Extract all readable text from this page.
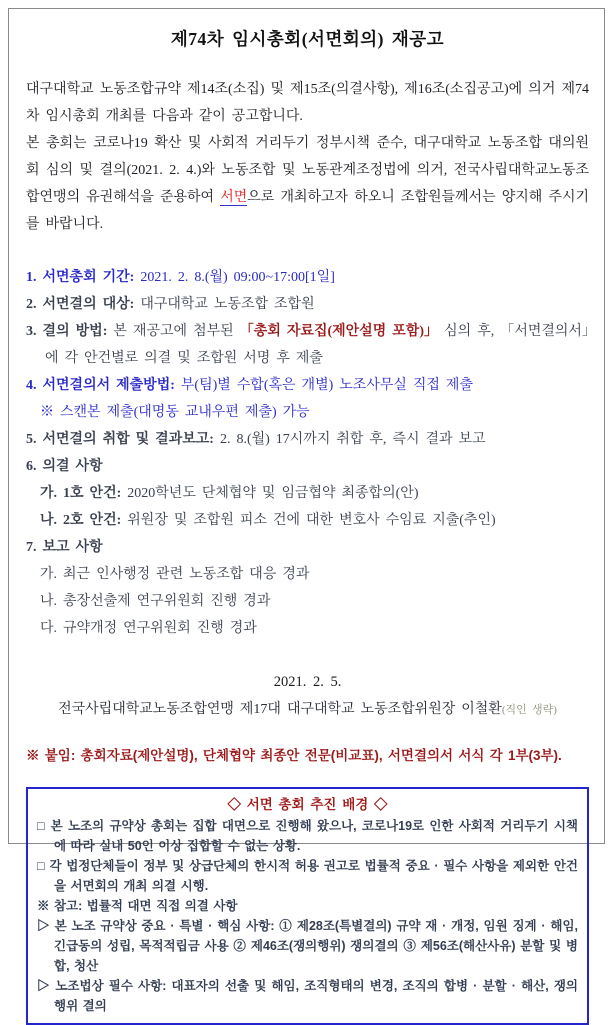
제74차 임시총회(서면회의) 재공고

대구대학교 노동조합규약 제14조(소집) 및 제15조(의결사항), 제16조(소집공고)에 의거 제74차 임시총회 개최를 다음과 같이 공고합니다.

본 총회는 코로나19 확산 및 사회적 거리두기 정부시책 준수, 대구대학교 노동조합 대의원회 심의 및 결의(2021. 2. 4.)와 노동조합 및 노동관계조정법에 의거, 전국사립대학교노동조합연맹의 유권해석을 준용하여 서면으로 개최하고자 하오니 조합원들께서는 양지해 주시기를 바랍니다.

1. 서면총회 기간: 2021. 2. 8.(월) 09:00~17:00[1일]
2. 서면결의 대상: 대구대학교 노동조합 조합원
3. 결의 방법: 본 재공고에 첨부된 「총회 자료집(제안설명 포함)」 심의 후, 「서면결의서」에 각 안건별로 의결 및 조합원 서명 후 제출
4. 서면결의서 제출방법: 부(팀)별 수합(혹은 개별) 노조사무실 직접 제출
※ 스캔본 제출(대명동 교내우편 제출) 가능
5. 서면결의 취합 및 결과보고: 2. 8.(월) 17시까지 취합 후, 즉시 결과 보고
6. 의결 사항
가. 1호 안건: 2020학년도 단체협약 및 임금협약 최종합의(안)
나. 2호 안건: 위원장 및 조합원 피소 건에 대한 변호사 수임료 지출(추인)
7. 보고 사항
가. 최근 인사행정 관련 노동조합 대응 경과
나. 총장선출제 연구위원회 진행 경과
다. 규약개정 연구위원회 진행 경과
2021. 2. 5.
전국사립대학교노동조합연맹 제17대 대구대학교 노동조합위원장 이철환(직인 생략)
※ 붙임: 총회자료(제안설명), 단체협약 최종안 전문(비교표), 서면결의서 서식 각 1부(3부).
◇ 서면 총회 추진 배경 ◇
□ 본 노조의 규약상 총회는 집합 대면으로 진행해 왔으나, 코로나19로 인한 사회적 거리두기 시책에 따라 실내 50인 이상 집합할 수 없는 상황.
□ 각 법정단체들이 정부 및 상급단체의 한시적 허용 권고로 법률적 중요 · 필수 사항을 제외한 안건을 서면회의 개최 의결 시행.
※ 참고: 법률적 대면 직접 의결 사항
▷ 본 노조 규약상 중요 · 특별 · 핵심 사항: ① 제28조(특별결의) 규약 재 · 개정, 임원 징계 · 해임, 긴급동의 성립, 목적적립금 사용 ② 제46조(쟁의행위) 쟁의결의 ③ 제56조(해산사유) 분할 및 병합, 청산
▷ 노조법상 필수 사항: 대표자의 선출 및 해임, 조직형태의 변경, 조직의 합병 · 분할 · 해산, 쟁의행위 결의
